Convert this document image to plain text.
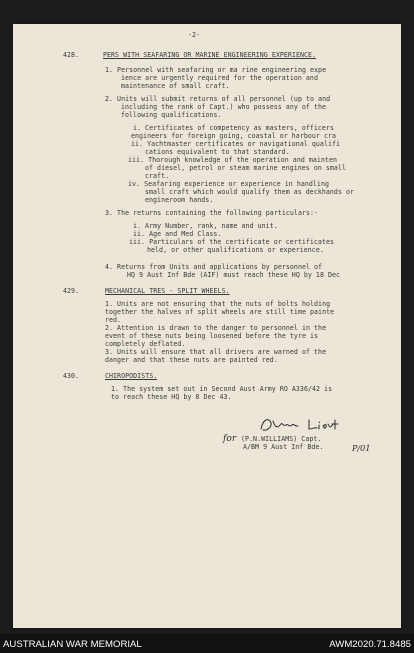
-2-
428.	PERS WITH SEAFARING OR MARINE ENGINEERING EXPERIENCE.
1. Personnel with seafaring or ma rine engineering expe
ience are urgently required for the operation and
maintenance of small craft.
2. Units will submit returns of all personnel (up to and
including the rank of Capt.) who possess any of the
following qualifications.
i. Certificates of competency as masters, officers
engineers for foreign going, coastal or harbour cra
ii. Yachtmaster certificates or navigational qualifi
cations equivalent to that standard.
iii. Thorough knowledge of the operation and mainten
of diesel, petrol or steam marine engines on small
craft.
iv. Seafaring experience or experience in handling
small craft which would qualify them as deckhands or
engineroom hands.
3. The returns containing the following particulars:-
i. Army Number, rank, name and unit.
ii. Age and Med Class.
iii. Particulars of the certificate or certificates
held, or other qualifications or experience.
4. Returns from Units and applications by personnel of
HQ 9 Aust Inf Bde (AIF) must reach these HQ by 18 Dec
429.	MECHANICAL TRES - SPLIT WHEELS.
1. Units are not ensuring that the nuts of bolts holding
together the halves of split wheels are still time painte
red.
2. Attention is drawn to the danger to personnel in the
event of these nuts being loosened before the tyre is
completely deflated.
3. Units will ensure that all drivers are warned of the
danger and that these nuts are painted red.
430.	CHIROPODISTS.
1. The system set out in Second Aust Army RO A336/42 is
to reach these HQ by 8 Dec 43.
for (P.N.WILLIAMS) Capt.
A/BM 9 Aust Inf Bde.	P/01
AUSTRALIAN WAR MEMORIAL	AWM2020.71.8485
